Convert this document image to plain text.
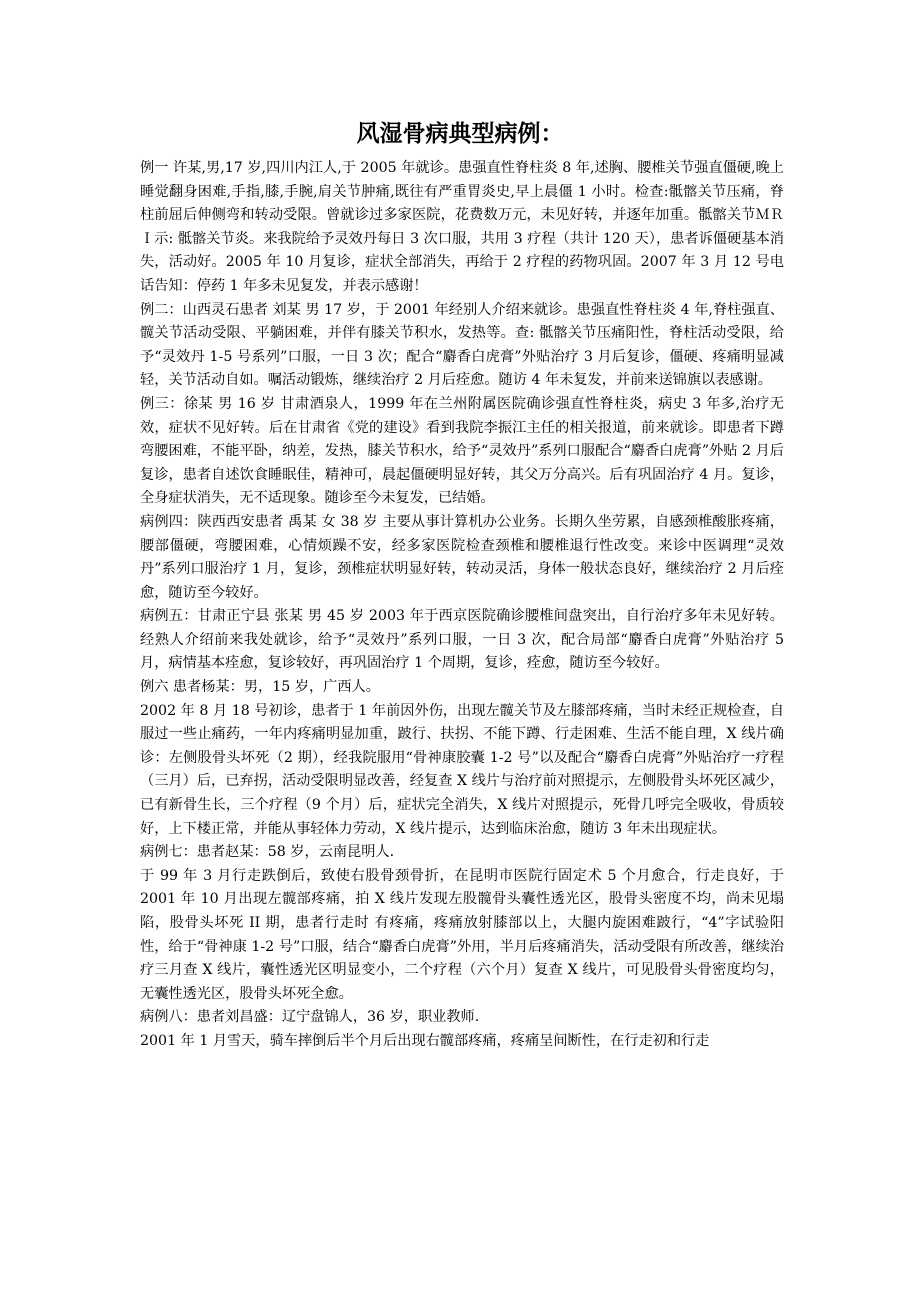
风湿骨病典型病例：

例一 许某,男,17 岁,四川内江人,于 2005 年就诊。患强直性脊柱炎 8 年,述胸、腰椎关节强直僵硬,晚上睡觉翻身困难,手指,膝,手腕,肩关节肿痛,既往有严重胃炎史,早上晨僵 1 小时。检查:骶髂关节压痛，脊柱前屈后伸侧弯和转动受限。曾就诊过多家医院，花费数万元，未见好转，并逐年加重。骶髂关节ＭＲＩ示: 骶髂关节炎。来我院给予灵效丹每日 3 次口服，共用 3 疗程（共计 120 天），患者诉僵硬基本消失，活动好。2005 年 10 月复诊，症状全部消失，再给于 2 疗程的药物巩固。2007 年 3 月 12 号电话告知：停药 1 年多未见复发，并表示感谢！

例二：山西灵石患者 刘某 男 17 岁，于 2001 年经别人介绍来就诊。患强直性脊柱炎 4 年,脊柱强直、髋关节活动受限、平躺困难，并伴有膝关节积水，发热等。查: 骶髂关节压痛阳性，脊柱活动受限，给予“灵效丹 1-5 号系列”口服，一日 3 次；配合“麝香白虎膏”外贴治疗 3 月后复诊，僵硬、疼痛明显减轻，关节活动自如。嘱活动锻炼，继续治疗 2 月后痊愈。随访 4 年未复发，并前来送锦旗以表感谢。

例三：徐某 男 16 岁 甘肃酒泉人，1999 年在兰州附属医院确诊强直性脊柱炎，病史 3 年多,治疗无效，症状不见好转。后在甘肃省《党的建设》看到我院李振江主任的相关报道，前来就诊。即患者下蹲弯腰困难，不能平卧，纳差，发热，膝关节积水，给予“灵效丹”系列口服配合“麝香白虎膏”外贴 2 月后复诊，患者自述饮食睡眠佳，精神可，晨起僵硬明显好转，其父万分高兴。后有巩固治疗 4 月。复诊，全身症状消失，无不适现象。随诊至今未复发，已结婚。

病例四：陕西西安患者 禹某 女 38 岁 主要从事计算机办公业务。长期久坐劳累，自感颈椎酸胀疼痛，腰部僵硬，弯腰困难，心情烦躁不安，经多家医院检查颈椎和腰椎退行性改变。来诊中医调理“灵效丹”系列口服治疗 1 月，复诊，颈椎症状明显好转，转动灵活，身体一般状态良好，继续治疗 2 月后痊愈，随访至今较好。

病例五：甘肃正宁县 张某 男 45 岁 2003 年于西京医院确诊腰椎间盘突出，自行治疗多年未见好转。经熟人介绍前来我处就诊，给予“灵效丹”系列口服，一日 3 次，配合局部“麝香白虎膏”外贴治疗 5 月，病情基本痊愈，复诊较好，再巩固治疗 1 个周期，复诊，痊愈，随访至今较好。

例六 患者杨某：男，15 岁，广西人。

2002 年 8 月 18 号初诊，患者于 1 年前因外伤，出现左髋关节及左膝部疼痛，当时未经正规检查，自服过一些止痛药，一年内疼痛明显加重，跛行、扶拐、不能下蹲、行走困难、生活不能自理，X 线片确诊：左侧股骨头坏死（2 期），经我院服用“骨神康胶囊 1-2 号”以及配合“麝香白虎膏”外贴治疗一疗程（三月）后，已弃拐，活动受限明显改善，经复查 X 线片与治疗前对照提示，左侧股骨头坏死区减少，已有新骨生长，三个疗程（9 个月）后，症状完全消失，X 线片对照提示，死骨几呼完全吸收，骨质较好，上下楼正常，并能从事轻体力劳动，X 线片提示，达到临床治愈，随访 3 年未出现症状。

病例七：患者赵某：58 岁，云南昆明人.

于 99 年 3 月行走跌倒后，致使右股骨颈骨折，在昆明市医院行固定术 5 个月愈合，行走良好，于 2001 年 10 月出现左髋部疼痛，拍 X 线片发现左股髋骨头囊性透光区，股骨头密度不均，尚未见塌陷，股骨头坏死 II 期，患者行走时 有疼痛，疼痛放射膝部以上，大腿内旋困难跛行，“4”字试验阳性，给于“骨神康 1-2 号”口服，结合“麝香白虎膏”外用，半月后疼痛消失，活动受限有所改善，继续治疗三月查 X 线片，囊性透光区明显变小，二个疗程（六个月）复查 X 线片，可见股骨头骨密度均匀，无囊性透光区，股骨头坏死全愈。

病例八：患者刘昌盛：辽宁盘锦人，36 岁，职业教师.

2001 年 1 月雪天，骑车摔倒后半个月后出现右髋部疼痛，疼痛呈间断性，在行走初和行走
